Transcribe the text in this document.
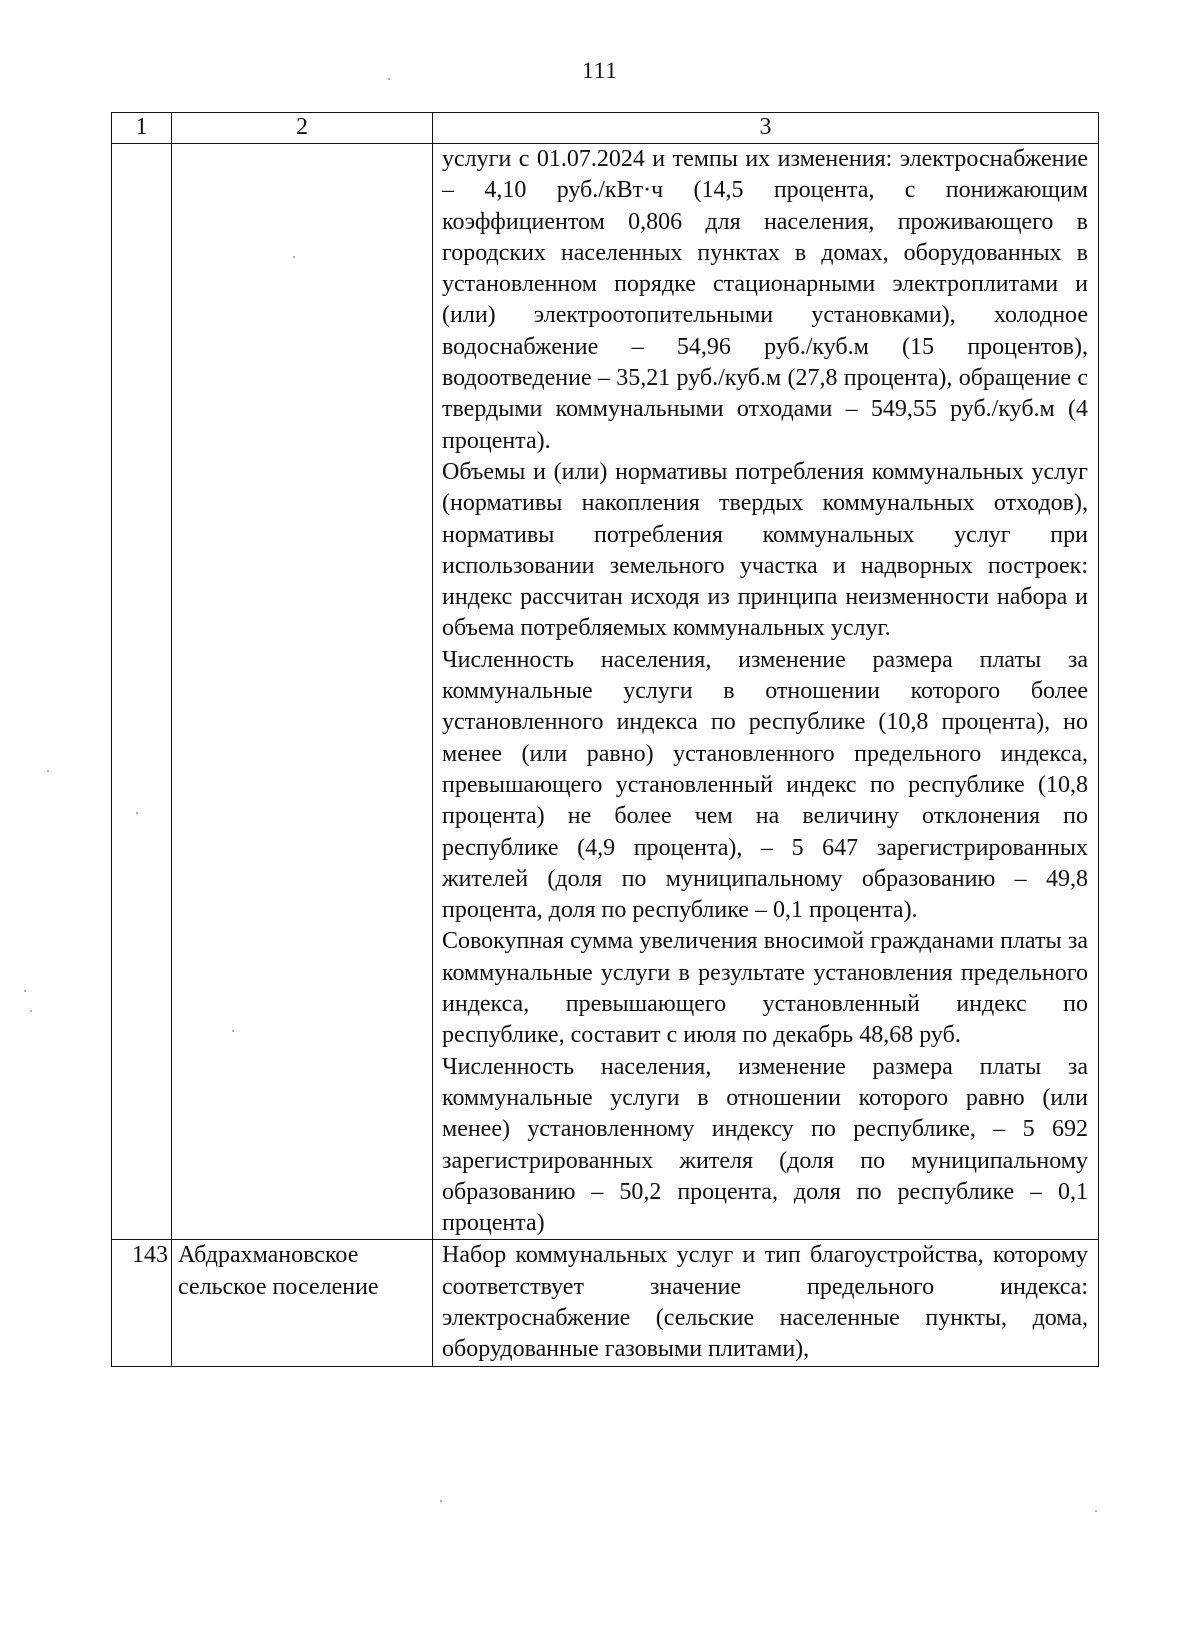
111
1	2	3

		услуги с 01.07.2024 и темпы их изменения: электроснабжение – 4,10 руб./кВт·ч (14,5 процента, с понижающим коэффициентом 0,806 для населения, проживающего в городских населенных пунктах в домах, оборудованных в установленном порядке стационарными электроплитами и (или) электроотопительными установками), холодное водоснабжение – 54,96 руб./куб.м (15 процентов), водоотведение – 35,21 руб./куб.м (27,8 процента), обращение с твердыми коммунальными отходами – 549,55 руб./куб.м (4 процента).

Объемы и (или) нормативы потребления коммунальных услуг (нормативы накопления твердых коммунальных отходов), нормативы потребления коммунальных услуг при использовании земельного участка и надворных построек: индекс рассчитан исходя из принципа неизменности набора и объема потребляемых коммунальных услуг.

Численность населения, изменение размера платы за коммунальные услуги в отношении которого более установленного индекса по республике (10,8 процента), но менее (или равно) установленного предельного индекса, превышающего установленный индекс по республике (10,8 процента) не более чем на величину отклонения по республике (4,9 процента), – 5 647 зарегистрированных жителей (доля по муниципальному образованию – 49,8 процента, доля по республике – 0,1 процента).

Совокупная сумма увеличения вносимой гражданами платы за коммунальные услуги в результате установления предельного индекса, превышающего установленный индекс по республике, составит с июля по декабрь 48,68 руб.

Численность населения, изменение размера платы за коммунальные услуги в отношении которого равно (или менее) установленному индексу по республике, – 5 692 зарегистрированных жителя (доля по муниципальному образованию – 50,2 процента, доля по республике – 0,1 процента)

143	Абдрахмановское сельское поселение	Набор коммунальных услуг и тип благоустройства, которому соответствует значение предельного индекса: электроснабжение (сельские населенные пункты, дома, оборудованные газовыми плитами),
